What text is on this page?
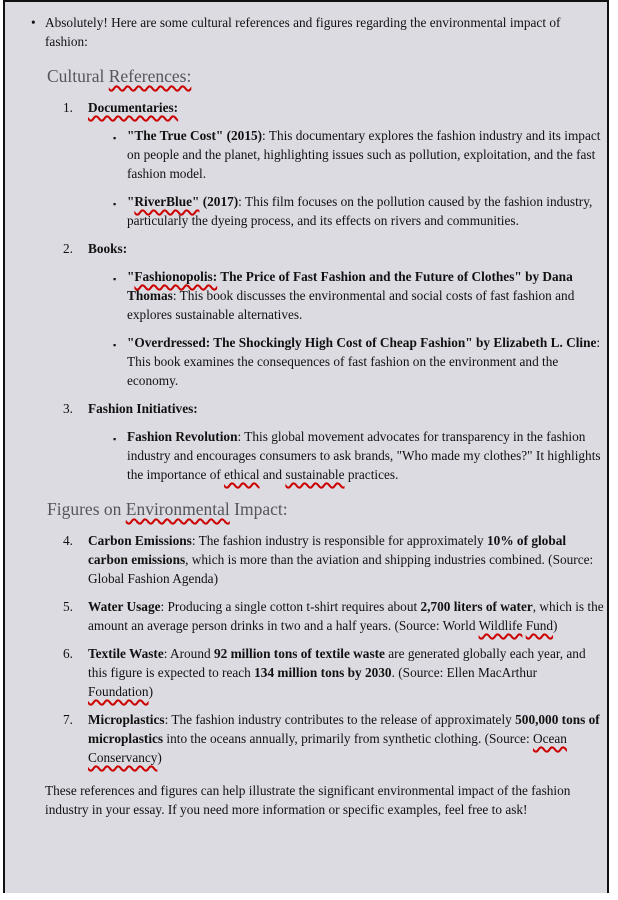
• Absolutely! Here are some cultural references and figures regarding the environmental impact of fashion:
Cultural References:
1. Documentaries:
▪ "The True Cost" (2015): This documentary explores the fashion industry and its impact on people and the planet, highlighting issues such as pollution, exploitation, and the fast fashion model.
▪ "RiverBlue" (2017): This film focuses on the pollution caused by the fashion industry, particularly the dyeing process, and its effects on rivers and communities.
2. Books:
▪ "Fashionopolis: The Price of Fast Fashion and the Future of Clothes" by Dana Thomas: This book discusses the environmental and social costs of fast fashion and explores sustainable alternatives.
▪ "Overdressed: The Shockingly High Cost of Cheap Fashion" by Elizabeth L. Cline: This book examines the consequences of fast fashion on the environment and the economy.
3. Fashion Initiatives:
▪ Fashion Revolution: This global movement advocates for transparency in the fashion industry and encourages consumers to ask brands, "Who made my clothes?" It highlights the importance of ethical and sustainable practices.
Figures on Environmental Impact:
4. Carbon Emissions: The fashion industry is responsible for approximately 10% of global carbon emissions, which is more than the aviation and shipping industries combined. (Source: Global Fashion Agenda)
5. Water Usage: Producing a single cotton t-shirt requires about 2,700 liters of water, which is the amount an average person drinks in two and a half years. (Source: World Wildlife Fund)
6. Textile Waste: Around 92 million tons of textile waste are generated globally each year, and this figure is expected to reach 134 million tons by 2030. (Source: Ellen MacArthur Foundation)
7. Microplastics: The fashion industry contributes to the release of approximately 500,000 tons of microplastics into the oceans annually, primarily from synthetic clothing. (Source: Ocean Conservancy)
These references and figures can help illustrate the significant environmental impact of the fashion industry in your essay. If you need more information or specific examples, feel free to ask!
